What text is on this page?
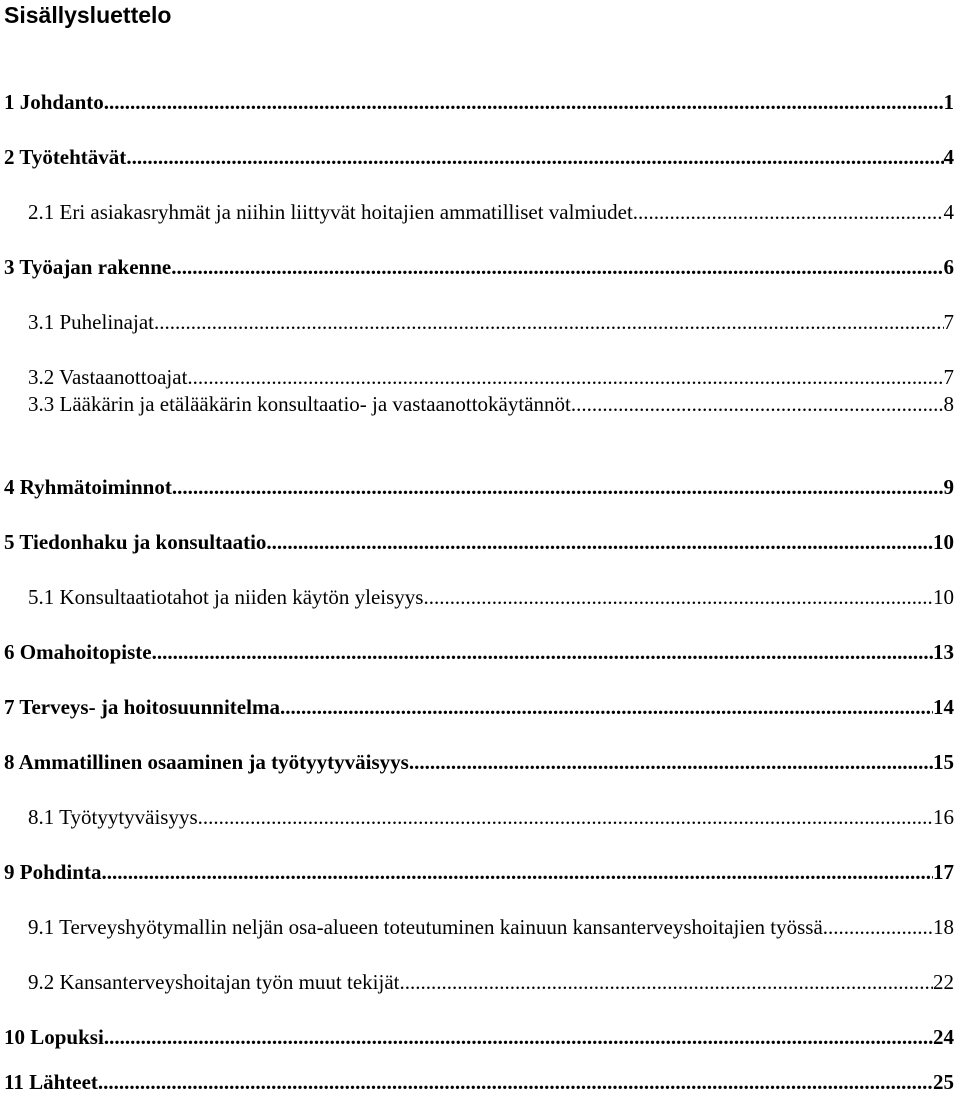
Sisällysluettelo
1 Johdanto .....	1
2 Työtehtävät .....	4
2.1 Eri asiakasryhmät ja niihin liittyvät hoitajien ammatilliset valmiudet .....	4
3 Työajan rakenne .....	6
3.1 Puhelinajat .....	7
3.2 Vastaanottoajat .....	7
3.3 Lääkärin ja etälääkärin konsultaatio- ja vastaanottokäytännöt .....	8
4 Ryhmätoiminnot .....	9
5 Tiedonhaku ja konsultaatio .....	10
5.1 Konsultaatiotahot ja niiden käytön yleisyys .....	10
6 Omahoitopiste .....	13
7 Terveys- ja hoitosuunnitelma .....	14
8 Ammatillinen osaaminen ja työtyytyväisyys .....	15
8.1 Työtyytyväisyys .....	16
9 Pohdinta .....	17
9.1 Terveyshyötymallin neljän osa-alueen toteutuminen kainuun kansanterveyshoitajien työssä .....	18
9.2 Kansanterveyshoitajan työn muut tekijät .....	22
10 Lopuksi .....	24
11 Lähteet .....	25
